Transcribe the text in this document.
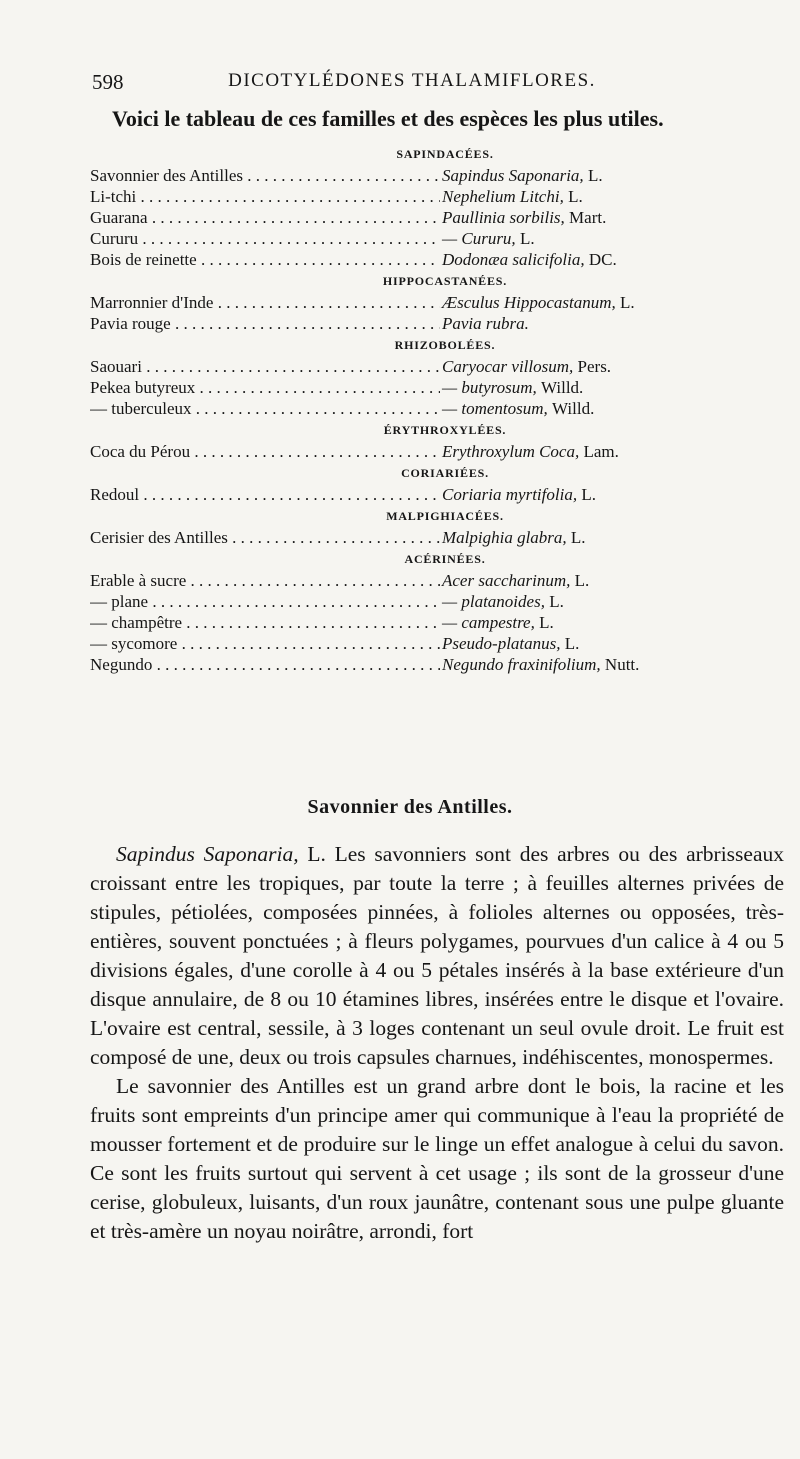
598	DICOTYLÉDONES THALAMIFLORES.
Voici le tableau de ces familles et des espèces les plus utiles.
SAPINDACÉES.
Savonnier des Antilles . . .	Sapindus Saponaria, L.
Li-tchi . . .	Nephelium Litchi, L.
Guarana . . .	Paullinia sorbilis, Mart.
Cururu . . .	— Cururu, L.
Bois de reinette . . .	Dodonæa salicifolia, DC.
HIPPOCASTANÉES.
Marronnier d'Inde . . .	Æsculus Hippocastanum, L.
Pavia rouge . . .	Pavia rubra.
RHIZOBOLÉES.
Saouari . . .	Caryocar villosum, Pers.
Pekea butyreux . . .	— butyrosum, Willd.
— tuberculeux . . .	— tomentosum, Willd.
ÉRYTHROXYLÉES.
Coca du Pérou . . .	Erythroxylum Coca, Lam.
CORIARIÉES.
Redoul . . .	Coriaria myrtifolia, L.
MALPIGHIACÉES.
Cerisier des Antilles . . .	Malpighia glabra, L.
ACÉRINÉES.
Erable à sucre . . .	Acer saccharinum, L.
— plane . . .	— platanoides, L.
— champêtre . . .	— campestre, L.
— sycomore . . .	Pseudo-platanus, L.
Negundo . . .	Negundo fraxinifolium, Nutt.
Savonnier des Antilles.

Sapindus Saponaria, L. Les savonniers sont des arbres ou des arbrisseaux croissant entre les tropiques, par toute la terre ; à feuilles alternes privées de stipules, pétiolées, composées pinnées, à folioles alternes ou opposées, très-entières, souvent ponctuées ; à fleurs polygames, pourvues d'un calice à 4 ou 5 divisions égales, d'une corolle à 4 ou 5 pétales insérés à la base extérieure d'un disque annulaire, de 8 ou 10 étamines libres, insérées entre le disque et l'ovaire. L'ovaire est central, sessile, à 3 loges contenant un seul ovule droit. Le fruit est composé de une, deux ou trois capsules charnues, indéhiscentes, monospermes.

Le savonnier des Antilles est un grand arbre dont le bois, la racine et les fruits sont empreints d'un principe amer qui communique à l'eau la propriété de mousser fortement et de produire sur le linge un effet analogue à celui du savon. Ce sont les fruits surtout qui servent à cet usage ; ils sont de la grosseur d'une cerise, globuleux, luisants, d'un roux jaunâtre, contenant sous une pulpe gluante et très-amère un noyau noirâtre, arrondi, fort
